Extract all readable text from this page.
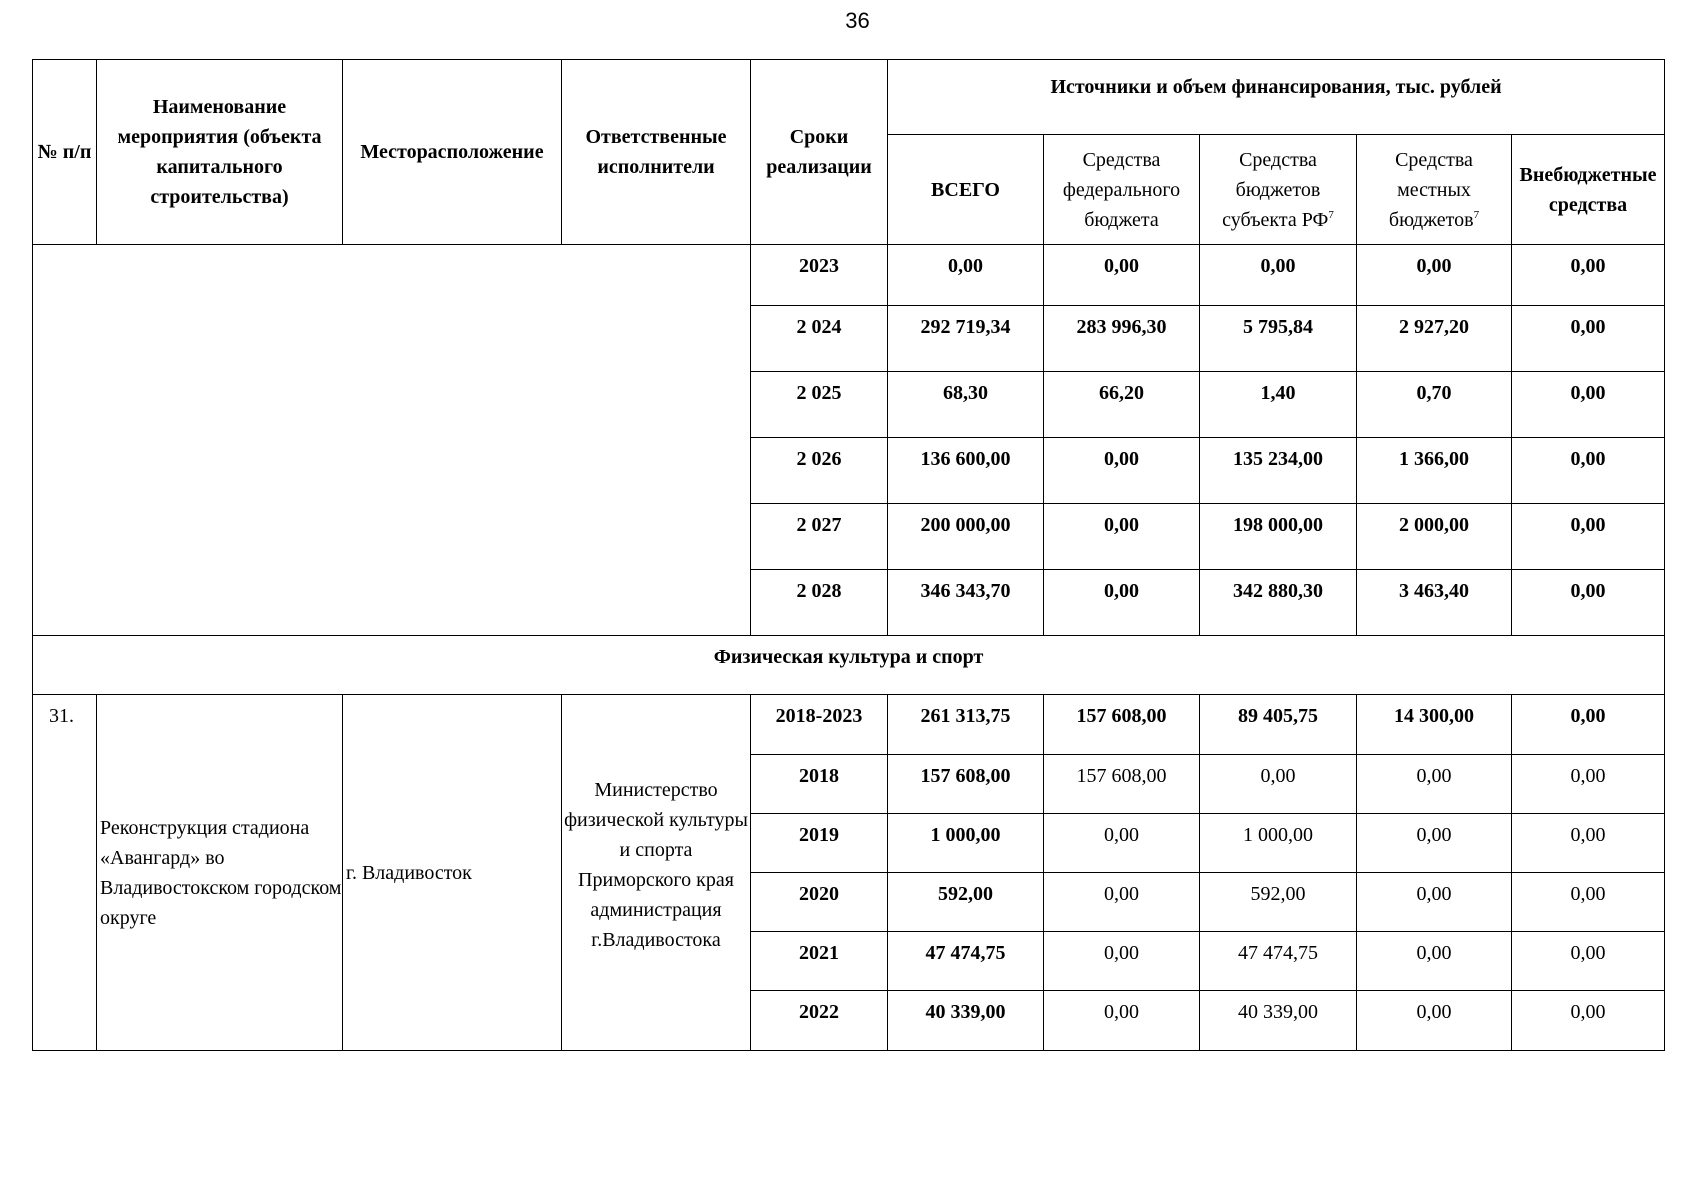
36
№ п/п	Наименование мероприятия (объекта капитального строительства)	Месторасположение	Ответственные исполнители	Сроки реализации	Источники и объем финансирования, тыс. рублей				
					ВСЕГО	Средства федерального бюджета	Средства бюджетов субъекта $РФ^7$	Средства местных бюджетов$^7$	Внебюджетные средства
				2023	0,00	0,00	0,00	0,00	0,00
				2 024	292 719,34	283 996,30	5 795,84	2 927,20	0,00
				2 025	68,30	66,20	1,40	0,70	0,00
				2 026	136 600,00	0,00	135 234,00	1 366,00	0,00
				2 027	200 000,00	0,00	198 000,00	2 000,00	0,00
				2 028	346 343,70	0,00	342 880,30	3 463,40	0,00
Физическая культура и спорт									
31.	Реконструкция стадиона «Авангард» во Владивостокском городском округе	г. Владивосток	Министерство физической культуры и спорта Приморского края администрация г.Владивостока	2018-2023	261 313,75	157 608,00	89 405,75	14 300,00	0,00
				2018	157 608,00	157 608,00	0,00	0,00	0,00
				2019	1 000,00	0,00	1 000,00	0,00	0,00
				2020	592,00	0,00	592,00	0,00	0,00
				2021	47 474,75	0,00	47 474,75	0,00	0,00
				2022	40 339,00	0,00	40 339,00	0,00	0,00
